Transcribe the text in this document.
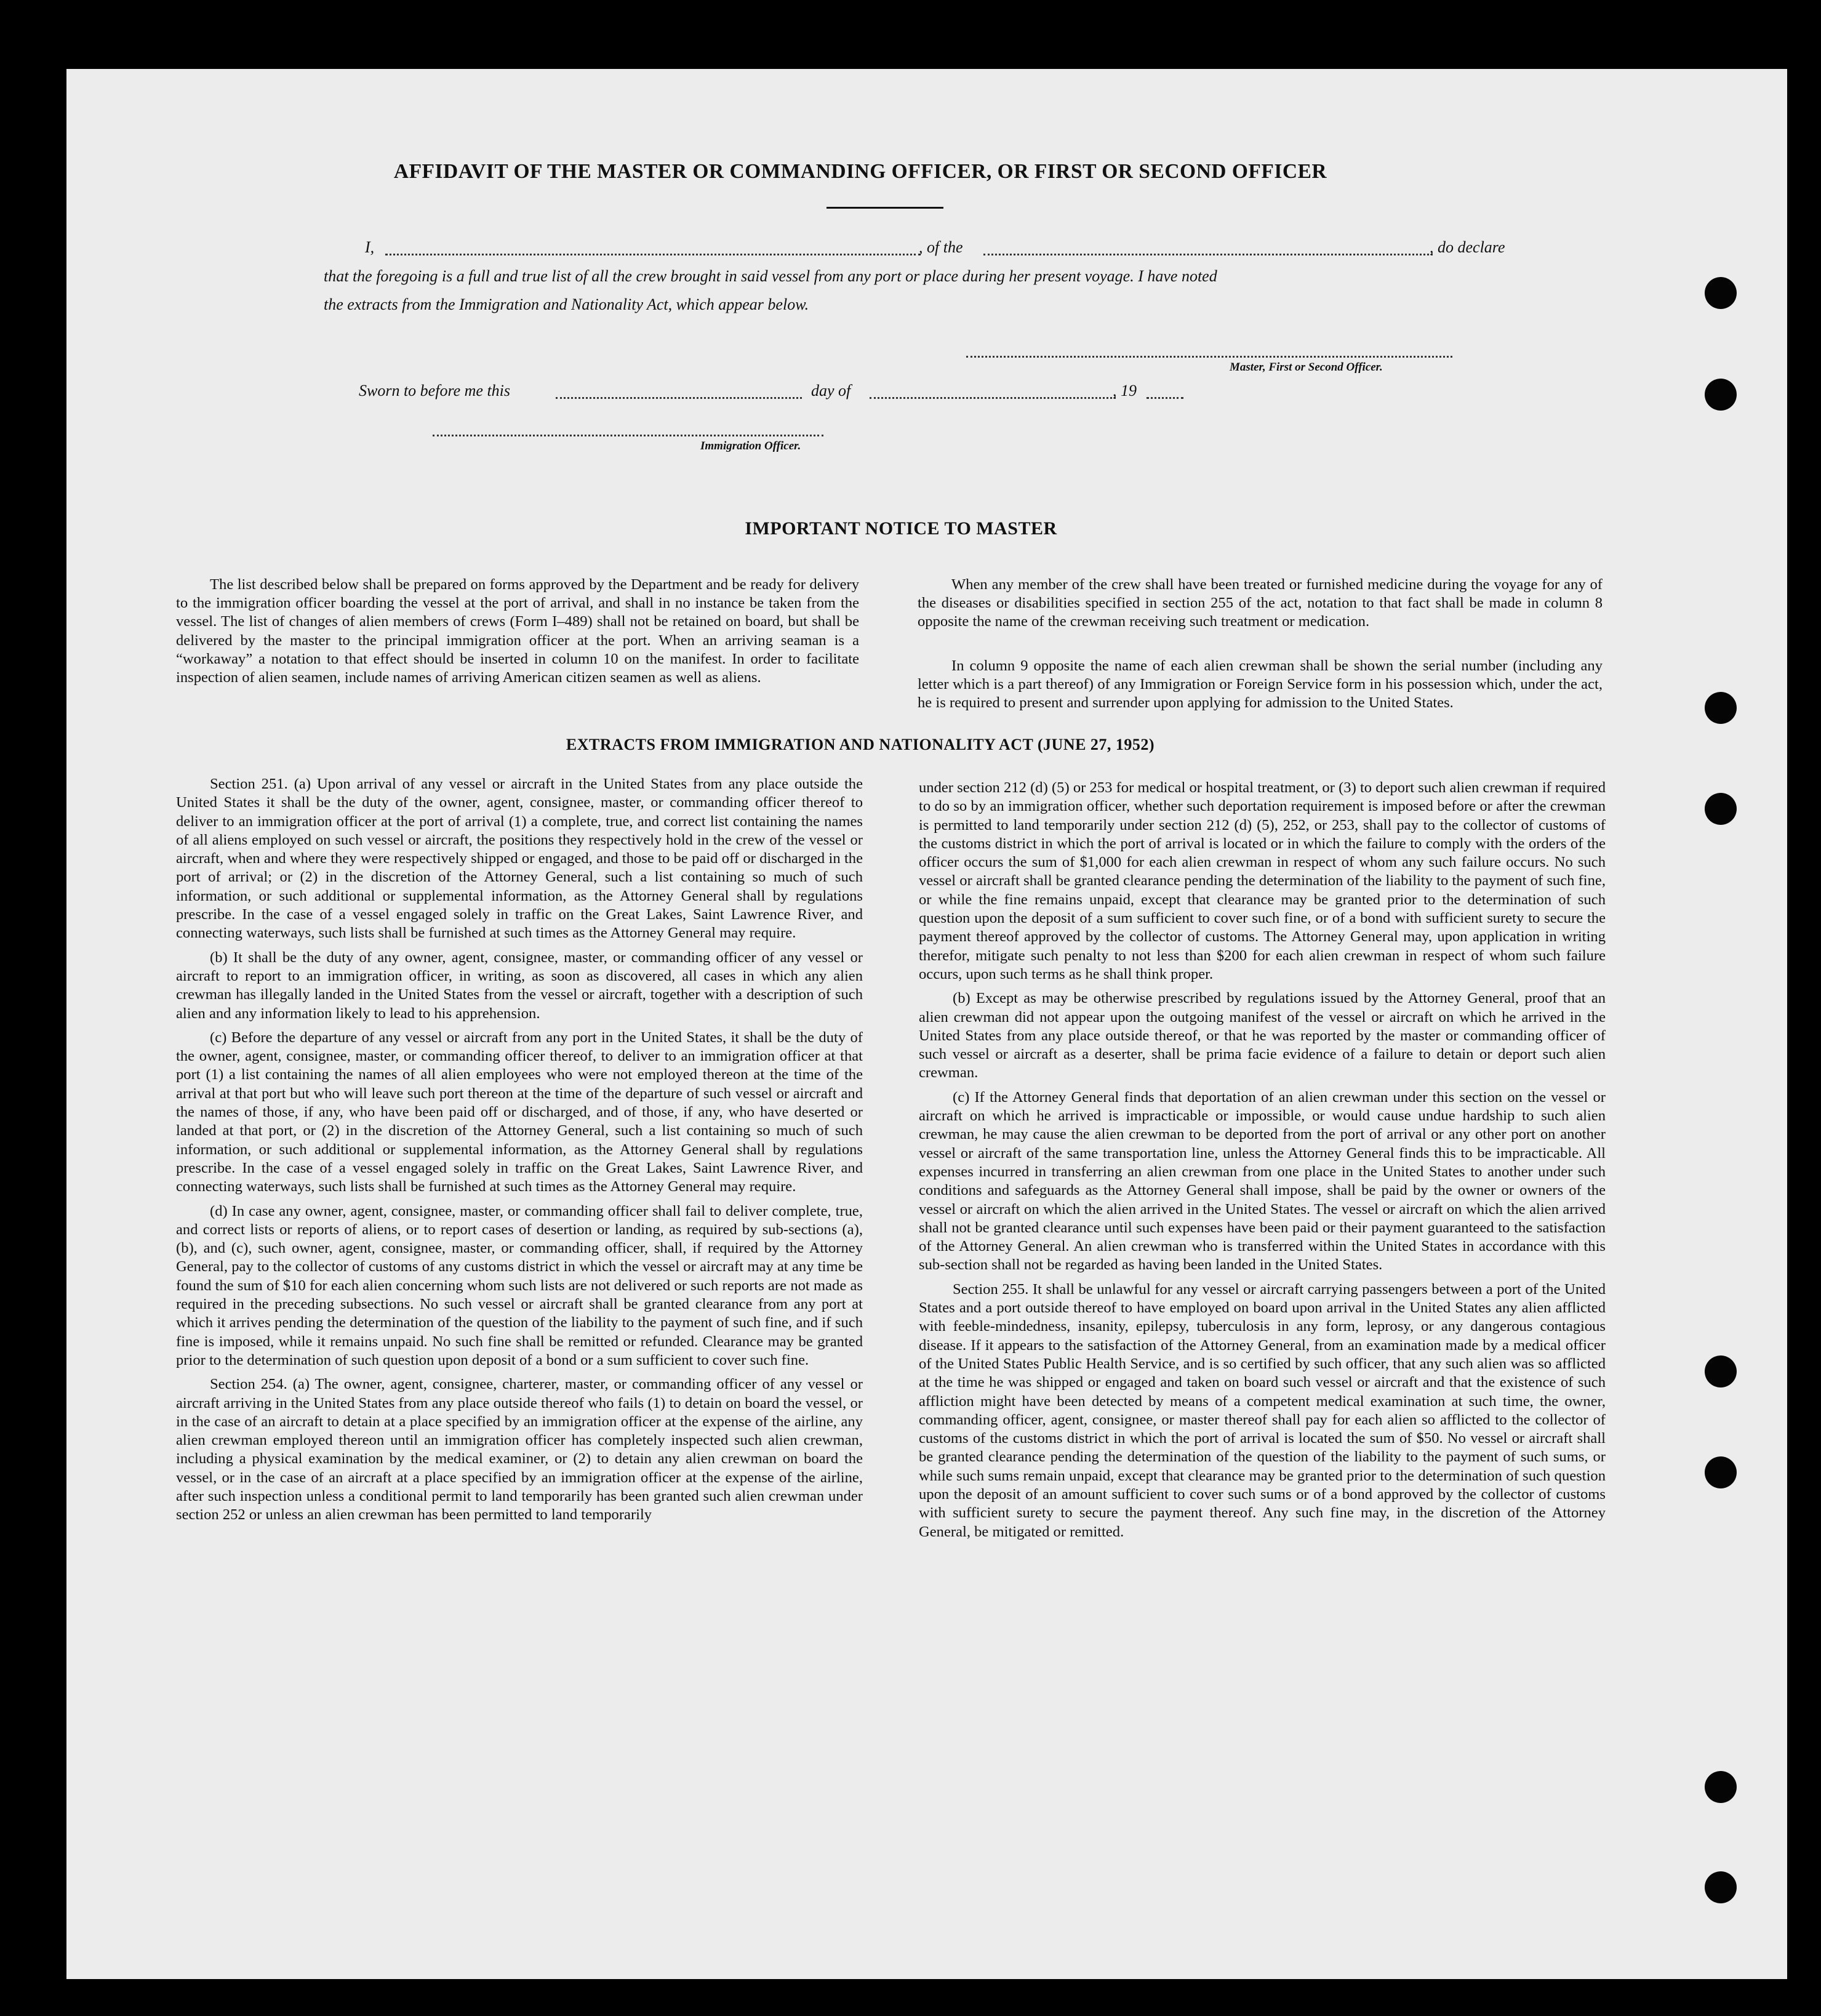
AFFIDAVIT OF THE MASTER OR COMMANDING OFFICER, OR FIRST OR SECOND OFFICER
I,	, of the	, do declare
that the foregoing is a full and true list of all the crew brought in said vessel from any port or place during her present voyage. I have noted
the extracts from the Immigration and Nationality Act, which appear below.
Master, First or Second Officer.
Sworn to before me this	day of	, 19
Immigration Officer.
IMPORTANT NOTICE TO MASTER
The list described below shall be prepared on forms approved by the Department and be ready for delivery to the immigration officer boarding the vessel at the port of arrival, and shall in no instance be taken from the vessel. The list of changes of alien members of crews (Form I–489) shall not be retained on board, but shall be delivered by the master to the principal immigration officer at the port. When an arriving seaman is a “workaway” a notation to that effect should be inserted in column 10 on the manifest. In order to facilitate inspection of alien seamen, include names of arriving American citizen seamen as well as aliens.
When any member of the crew shall have been treated or furnished medicine during the voyage for any of the diseases or disabilities specified in section 255 of the act, notation to that fact shall be made in column 8 opposite the name of the crewman receiving such treatment or medication.
In column 9 opposite the name of each alien crewman shall be shown the serial number (including any letter which is a part thereof) of any Immigration or Foreign Service form in his possession which, under the act, he is required to present and surrender upon applying for admission to the United States.
EXTRACTS FROM IMMIGRATION AND NATIONALITY ACT (JUNE 27, 1952)

Section 251. (a) Upon arrival of any vessel or aircraft in the United States from any place outside the United States it shall be the duty of the owner, agent, consignee, master, or commanding officer thereof to deliver to an immigration officer at the port of arrival (1) a complete, true, and correct list containing the names of all aliens employed on such vessel or aircraft, the positions they respectively hold in the crew of the vessel or aircraft, when and where they were respectively shipped or engaged, and those to be paid off or discharged in the port of arrival; or (2) in the discretion of the Attorney General, such a list containing so much of such information, or such additional or supplemental information, as the Attorney General shall by regulations prescribe. In the case of a vessel engaged solely in traffic on the Great Lakes, Saint Lawrence River, and connecting waterways, such lists shall be furnished at such times as the Attorney General may require.

(b) It shall be the duty of any owner, agent, consignee, master, or commanding officer of any vessel or aircraft to report to an immigration officer, in writing, as soon as discovered, all cases in which any alien crewman has illegally landed in the United States from the vessel or aircraft, together with a description of such alien and any information likely to lead to his apprehension.

(c) Before the departure of any vessel or aircraft from any port in the United States, it shall be the duty of the owner, agent, consignee, master, or commanding officer thereof, to deliver to an immigration officer at that port (1) a list containing the names of all alien employees who were not employed thereon at the time of the arrival at that port but who will leave such port thereon at the time of the departure of such vessel or aircraft and the names of those, if any, who have been paid off or discharged, and of those, if any, who have deserted or landed at that port, or (2) in the discretion of the Attorney General, such a list containing so much of such information, or such additional or supplemental information, as the Attorney General shall by regulations prescribe. In the case of a vessel engaged solely in traffic on the Great Lakes, Saint Lawrence River, and connecting waterways, such lists shall be furnished at such times as the Attorney General may require.

(d) In case any owner, agent, consignee, master, or commanding officer shall fail to deliver complete, true, and correct lists or reports of aliens, or to report cases of desertion or landing, as required by sub-sections (a), (b), and (c), such owner, agent, consignee, master, or commanding officer, shall, if required by the Attorney General, pay to the collector of customs of any customs district in which the vessel or aircraft may at any time be found the sum of $10 for each alien concerning whom such lists are not delivered or such reports are not made as required in the preceding subsections. No such vessel or aircraft shall be granted clearance from any port at which it arrives pending the determination of the question of the liability to the payment of such fine, and if such fine is imposed, while it remains unpaid. No such fine shall be remitted or refunded. Clearance may be granted prior to the determination of such question upon deposit of a bond or a sum sufficient to cover such fine.

Section 254. (a) The owner, agent, consignee, charterer, master, or commanding officer of any vessel or aircraft arriving in the United States from any place outside thereof who fails (1) to detain on board the vessel, or in the case of an aircraft to detain at a place specified by an immigration officer at the expense of the airline, any alien crewman employed thereon until an immigration officer has completely inspected such alien crewman, including a physical examination by the medical examiner, or (2) to detain any alien crewman on board the vessel, or in the case of an aircraft at a place specified by an immigration officer at the expense of the airline, after such inspection unless a conditional permit to land temporarily has been granted such alien crewman under section 252 or unless an alien crewman has been permitted to land temporarily

under section 212 (d) (5) or 253 for medical or hospital treatment, or (3) to deport such alien crewman if required to do so by an immigration officer, whether such deportation requirement is imposed before or after the crewman is permitted to land temporarily under section 212 (d) (5), 252, or 253, shall pay to the collector of customs of the customs district in which the port of arrival is located or in which the failure to comply with the orders of the officer occurs the sum of $1,000 for each alien crewman in respect of whom any such failure occurs. No such vessel or aircraft shall be granted clearance pending the determination of the liability to the payment of such fine, or while the fine remains unpaid, except that clearance may be granted prior to the determination of such question upon the deposit of a sum sufficient to cover such fine, or of a bond with sufficient surety to secure the payment thereof approved by the collector of customs. The Attorney General may, upon application in writing therefor, mitigate such penalty to not less than $200 for each alien crewman in respect of whom such failure occurs, upon such terms as he shall think proper.

(b) Except as may be otherwise prescribed by regulations issued by the Attorney General, proof that an alien crewman did not appear upon the outgoing manifest of the vessel or aircraft on which he arrived in the United States from any place outside thereof, or that he was reported by the master or commanding officer of such vessel or aircraft as a deserter, shall be prima facie evidence of a failure to detain or deport such alien crewman.

(c) If the Attorney General finds that deportation of an alien crewman under this section on the vessel or aircraft on which he arrived is impracticable or impossible, or would cause undue hardship to such alien crewman, he may cause the alien crewman to be deported from the port of arrival or any other port on another vessel or aircraft of the same transportation line, unless the Attorney General finds this to be impracticable. All expenses incurred in transferring an alien crewman from one place in the United States to another under such conditions and safeguards as the Attorney General shall impose, shall be paid by the owner or owners of the vessel or aircraft on which the alien arrived in the United States. The vessel or aircraft on which the alien arrived shall not be granted clearance until such expenses have been paid or their payment guaranteed to the satisfaction of the Attorney General. An alien crewman who is transferred within the United States in accordance with this sub-section shall not be regarded as having been landed in the United States.

Section 255. It shall be unlawful for any vessel or aircraft carrying passengers between a port of the United States and a port outside thereof to have employed on board upon arrival in the United States any alien afflicted with feeble-mindedness, insanity, epilepsy, tuberculosis in any form, leprosy, or any dangerous contagious disease. If it appears to the satisfaction of the Attorney General, from an examination made by a medical officer of the United States Public Health Service, and is so certified by such officer, that any such alien was so afflicted at the time he was shipped or engaged and taken on board such vessel or aircraft and that the existence of such affliction might have been detected by means of a competent medical examination at such time, the owner, commanding officer, agent, consignee, or master thereof shall pay for each alien so afflicted to the collector of customs of the customs district in which the port of arrival is located the sum of $50. No vessel or aircraft shall be granted clearance pending the determination of the question of the liability to the payment of such sums, or while such sums remain unpaid, except that clearance may be granted prior to the determination of such question upon the deposit of an amount sufficient to cover such sums or of a bond approved by the collector of customs with sufficient surety to secure the payment thereof. Any such fine may, in the discretion of the Attorney General, be mitigated or remitted.
